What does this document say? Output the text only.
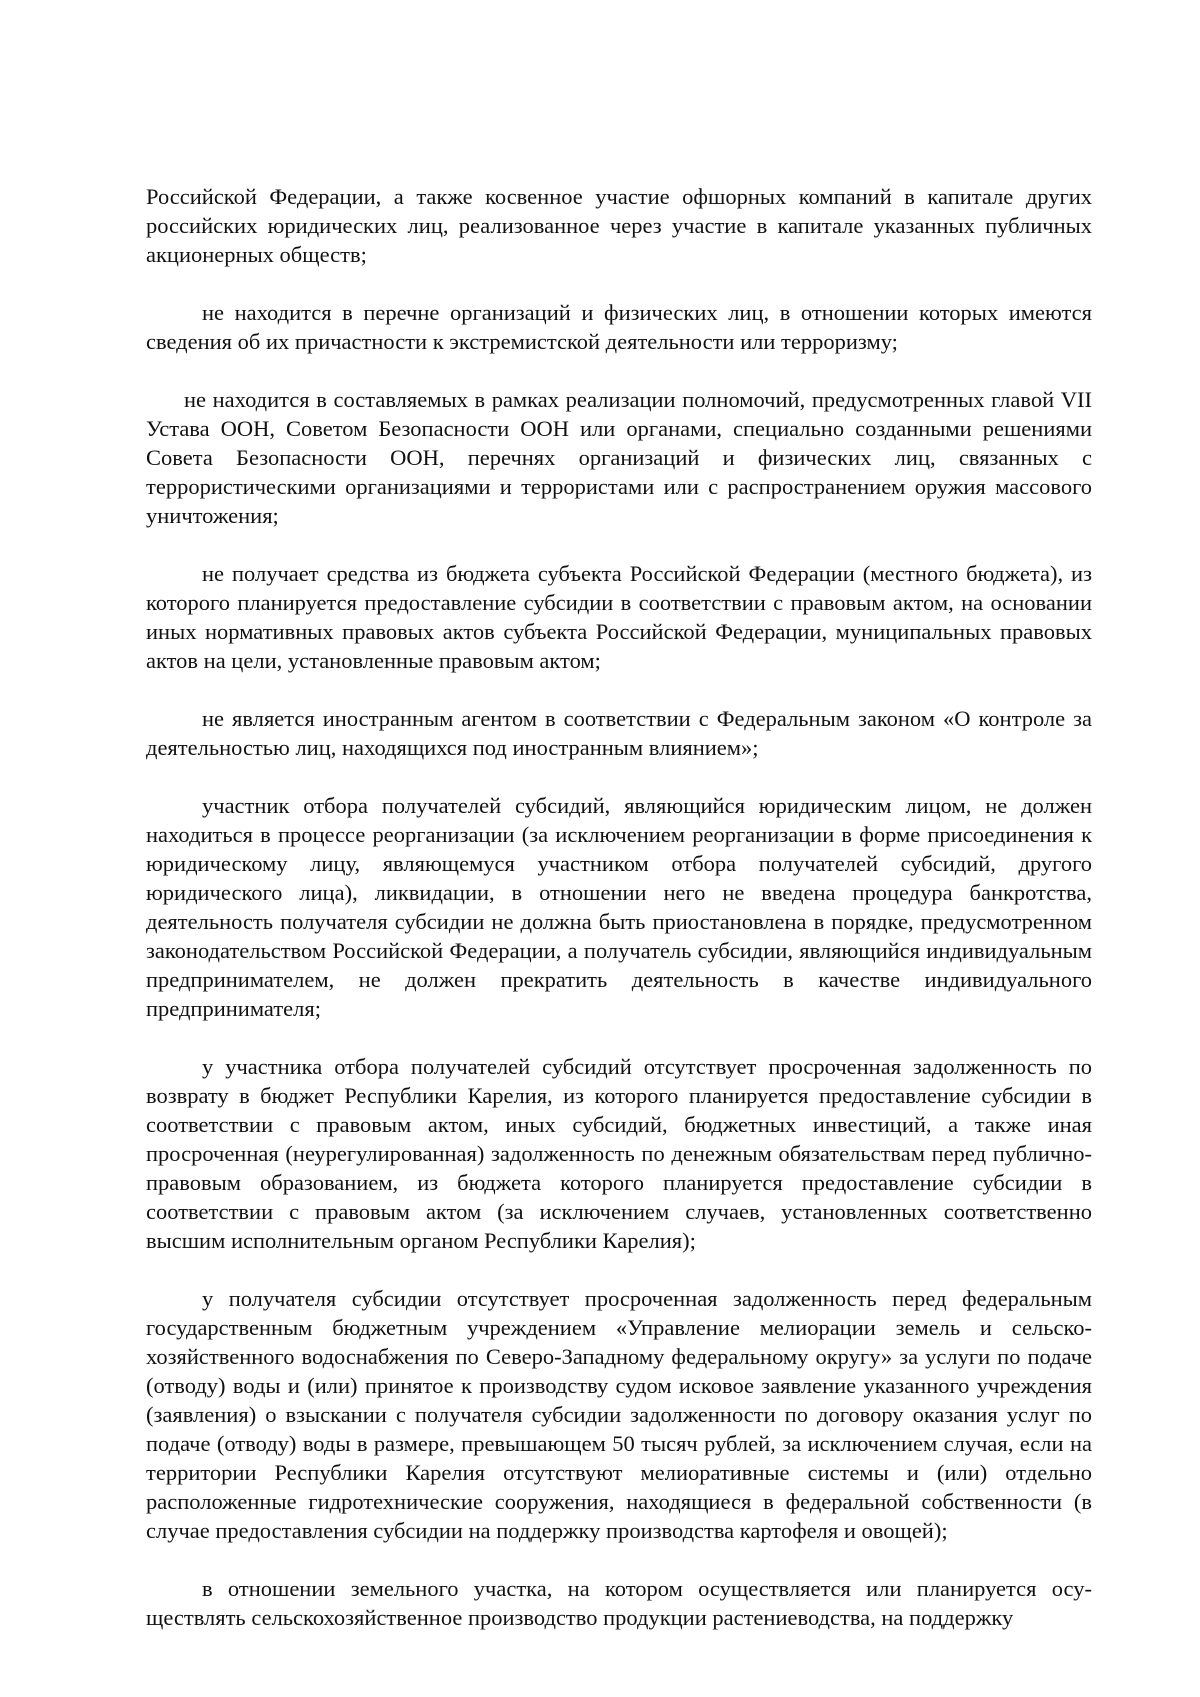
Российской Федерации, а также косвенное участие офшорных компаний в капитале других российских юридических лиц, реализованное через участие в капитале указанных публичных акционерных обществ;

не находится в перечне организаций и физических лиц, в отношении которых имеются сведения об их причастности к экстремистской деятельности или терроризму;

не находится в составляемых в рамках реализации полномочий, предусмотренных главой VII Устава ООН, Советом Безопасности ООН или органами, специально созданными решениями Совета Безопасности ООН, перечнях организаций и физических лиц, связанных с террористическими организациями и террористами или с распространением оружия массового уничтожения;

не получает средства из бюджета субъекта Российской Федерации (местного бюджета), из которого планируется предоставление субсидии в соответствии с правовым актом, на основании иных нормативных правовых актов субъекта Российской Федерации, муниципальных правовых актов на цели, установленные правовым актом;

не является иностранным агентом в соответствии с Федеральным законом «О контроле за деятельностью лиц, находящихся под иностранным влиянием»;

участник отбора получателей субсидий, являющийся юридическим лицом, не должен находиться в процессе реорганизации (за исключением реорганизации в форме присоединения к юридическому лицу, являющемуся участником отбора получателей субсидий, другого юридического лица), ликвидации, в отношении него не введена процедура банкротства, деятельность получателя субсидии не должна быть приостановлена в порядке, предусмотренном законодательством Российской Федерации, а получатель субсидии, являющийся индивидуальным предпринимателем, не должен прекратить деятельность в качестве индивидуального предпринимателя;

у участника отбора получателей субсидий отсутствует просроченная задолженность по возврату в бюджет Республики Карелия, из которого планируется предоставление субсидии в соответствии с правовым актом, иных субсидий, бюджетных инвестиций, а также иная просроченная (неурегулированная) задолженность по денежным обязательствам перед публично-правовым образованием, из бюджета которого планируется предоставление субсидии в соответствии с правовым актом (за исключением случаев, установленных соответственно высшим исполнительным органом Республики Карелия);

у получателя субсидии отсутствует просроченная задолженность перед федеральным государственным бюджетным учреждением «Управление мелиорации земель и сельскохозяйственного водоснабжения по Северо-Западному федеральному округу» за услуги по подаче (отводу) воды и (или) принятое к производству судом исковое заявление указанного учреждения (заявления) о взыскании с получателя субсидии задолженности по договору оказания услуг по подаче (отводу) воды в размере, превышающем 50 тысяч рублей, за исключением случая, если на территории Республики Карелия отсутствуют мелиоративные системы и (или) отдельно расположенные гидротехнические сооружения, находящиеся в федеральной собственности (в случае предоставления субсидии на поддержку производства картофеля и овощей);

в отношении земельного участка, на котором осуществляется или планируется осуществлять сельскохозяйственное производство продукции растениеводства, на поддержку
